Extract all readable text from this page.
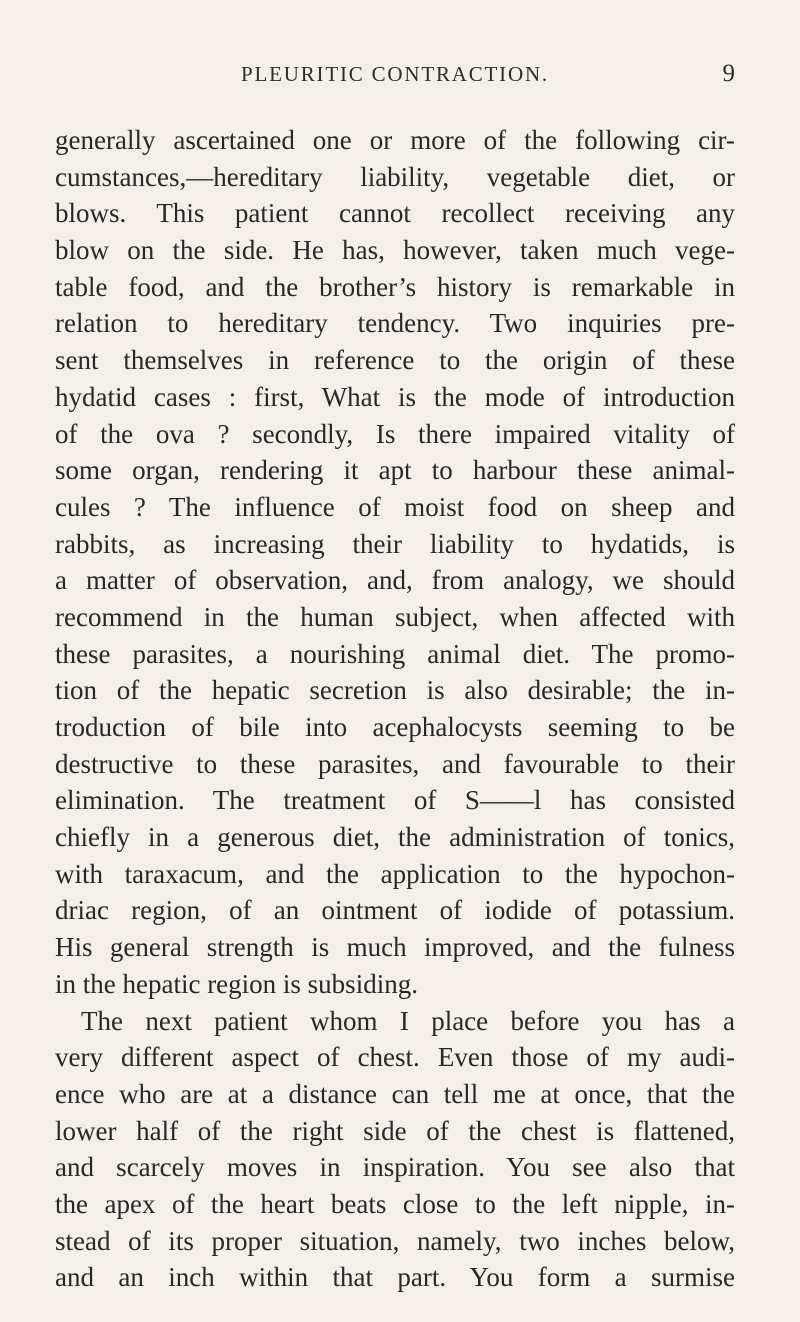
PLEURITIC CONTRACTION.	9
generally ascertained one or more of the following cir-
cumstances,—hereditary liability, vegetable diet, or
blows. This patient cannot recollect receiving any
blow on the side. He has, however, taken much vege-
table food, and the brother’s history is remarkable in
relation to hereditary tendency. Two inquiries pre-
sent themselves in reference to the origin of these
hydatid cases : first, What is the mode of introduction
of the ova ? secondly, Is there impaired vitality of
some organ, rendering it apt to harbour these animal-
cules ? The influence of moist food on sheep and
rabbits, as increasing their liability to hydatids, is
a matter of observation, and, from analogy, we should
recommend in the human subject, when affected with
these parasites, a nourishing animal diet. The promo-
tion of the hepatic secretion is also desirable; the in-
troduction of bile into acephalocysts seeming to be
destructive to these parasites, and favourable to their
elimination. The treatment of S——l has consisted
chiefly in a generous diet, the administration of tonics,
with taraxacum, and the application to the hypochon-
driac region, of an ointment of iodide of potassium.
His general strength is much improved, and the fulness
in the hepatic region is subsiding.
The next patient whom I place before you has a
very different aspect of chest. Even those of my audi-
ence who are at a distance can tell me at once, that the
lower half of the right side of the chest is flattened,
and scarcely moves in inspiration. You see also that
the apex of the heart beats close to the left nipple, in-
stead of its proper situation, namely, two inches below,
and an inch within that part. You form a surmise
